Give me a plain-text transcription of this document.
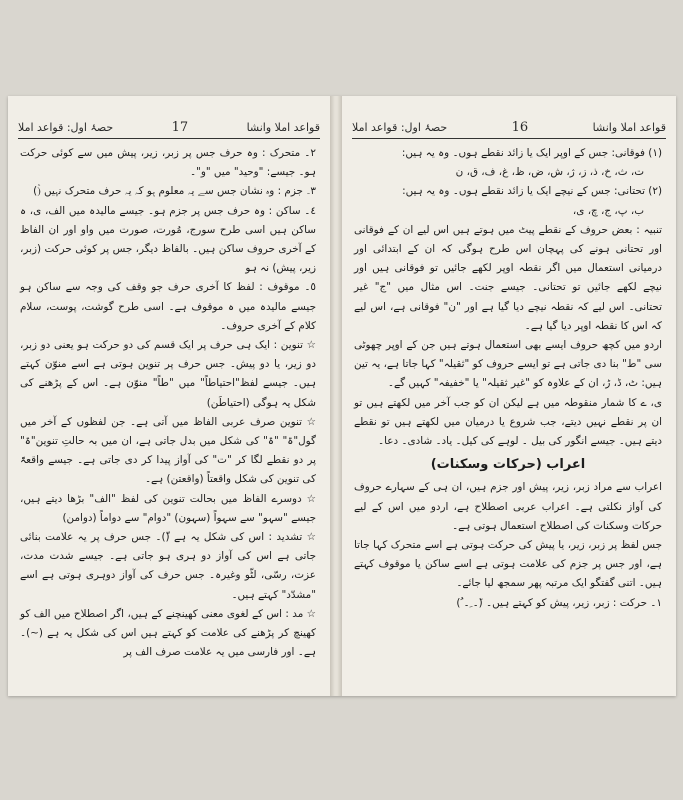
قواعد املا وانشا
17
حصۂ اول: قواعد املا

٢۔ متحرک : وہ حرف جس پر زبر، زیر، پیش میں سے کوئی حرکت ہو۔ جیسے: "وحید" میں "و"۔

٣۔ جزم : وہ نشان جس سے یہ معلوم ہو کہ یہ حرف متحرک نہیں (ۡ)

٤۔ ساکن : وہ حرف جس پر جزم ہو۔ جیسے مالیدہ میں الف، ی، ہ ساکن ہیں اسی طرح سورج، مُورت، صورت میں واو اور ان الفاظ کے آخری حروف ساکن ہیں۔ بالفاظ دیگر، جس پر کوئی حرکت (زبر، زیر، پیش) نہ ہو

٥۔ موقوف : لفظ کا آخری حرف جو وقف کی وجہ سے ساکن ہو جیسے مالیدہ میں ہ موقوف ہے۔ اسی طرح گوشت، پوست، سلام کلام کے آخری حروف۔

☆ تنوین : ایک ہی حرف پر ایک قسم کی دو حرکت ہو یعنی دو زبر، دو زیر، یا دو پیش۔ جس حرف پر تنوین ہوتی ہے اسے منوّن کہتے ہیں۔ جیسے لفظ"احتیاطاً" میں "طاً" منوّن ہے۔ اس کے پڑھنے کی شکل یہ ہوگی (احتیاطَن)

☆ تنوین صرف عربی الفاظ میں آتی ہے۔ جن لفظوں کے آخر میں گول"ۃ" "ۃ" کی شکل میں بدل جاتی ہے، ان میں بہ حالتِ تنوین"ۃ" پر دو نقطے لگا کر "ت" کی آواز پیدا کر دی جاتی ہے۔ جیسے واقعۃً کی تنوین کی شکل واقعتاً (واقعتن) ہے۔

☆ دوسرے الفاظ میں بحالت تنوین کی لفظ "الف" بڑھا دیتے ہیں، جیسے "سہو" سے سہواً (سہون) "دوام" سے دواماً (دوامن)

☆ تشدید : اس کی شکل یہ ہے (ّ)۔ جس حرف پر یہ علامت بنائی جاتی ہے اس کی آواز دو ہری ہو جاتی ہے۔ جیسے شدت مدت، عزت، رسّی، لٹّو وغیرہ۔ جس حرف کی آواز دوہری ہوتی ہے اسے "مشدّد" کہتے ہیں۔

☆ مد : اس کے لغوی معنی کھینچنے کے ہیں، اگر اصطلاح میں الف کو کھینچ کر پڑھنے کی علامت کو کہتے ہیں اس کی شکل یہ ہے (~)۔ ہے۔ اور فارسی میں یہ علامت صرف الف پر

قواعد املا وانشا
16
حصۂ اول: قواعد املا

(١) فوقانی: جس کے اوپر ایک یا زائد نقطے ہوں۔ وہ یہ ہیں:

ت، ث، خ، ذ، ز، ژ، ش، ض، ظ، غ، ف، ق، ن

(٢) تحتانی: جس کے نیچے ایک یا زائد نقطے ہوں۔ وہ یہ ہیں:

ب، پ، ج، چ، ی،

تنبیہ : بعض حروف کے نقطے پیٹ میں ہوتے ہیں اس لیے ان کے فوقانی اور تحتانی ہونے کی پہچان اس طرح ہوگی کہ ان کے ابتدائی اور درمیانی استعمال میں اگر نقطہ اوپر لکھے جائیں تو فوقانی ہیں اور نیچے لکھے جائیں تو تحتانی۔ جیسے جنت۔ اس مثال میں "ج" غیر تحتانی۔ اس لیے کہ نقطہ نیچے دیا گیا ہے اور "ن" فوقانی ہے، اس لیے کہ اس کا نقطہ اوپر دیا گیا ہے۔

اردو میں کچھ حروف ایسے بھی استعمال ہوتے ہیں جن کے اوپر چھوٹی سی "ط" بنا دی جاتی ہے تو ایسے حروف کو "ثقیلہ" کہا جاتا ہے، یہ تین ہیں: ٹ، ڈ، ڑ، ان کے علاوہ کو "غیر ثقیلہ" یا "خفیفہ" کہیں گے۔

ی، ے کا شمار منقوطہ میں ہے لیکن ان کو جب آخر میں لکھتے ہیں تو ان پر نقطے نہیں دیتے، جب شروع یا درمیان میں لکھتے ہیں تو نقطے دیتے ہیں۔ جیسے انگور کی بیل ۔ لوہے کی کیل۔ یاد۔ شادی۔ دعا۔

اعراب (حرکات وسکنات)

اعراب سے مراد زبر، زیر، پیش اور جزم ہیں، ان ہی کے سہارے حروف کی آواز نکلتی ہے۔ اعراب عربی اصطلاح ہے، اردو میں اس کے لیے حرکات وسکنات کی اصطلاح استعمال ہوتی ہے۔

جس لفظ پر زبر، زیر، یا پیش کی حرکت ہوتی ہے اسے متحرک کہا جاتا ہے، اور جس پر جزم کی علامت ہوتی ہے اسے ساکن یا موقوف کہتے ہیں۔ اتنی گفتگو ایک مرتبہ پھر سمجھ لیا جائے۔

١۔ حرکت : زبر، زیر، پیش کو کہتے ہیں۔ (َ۔ ِ۔ ُ)
